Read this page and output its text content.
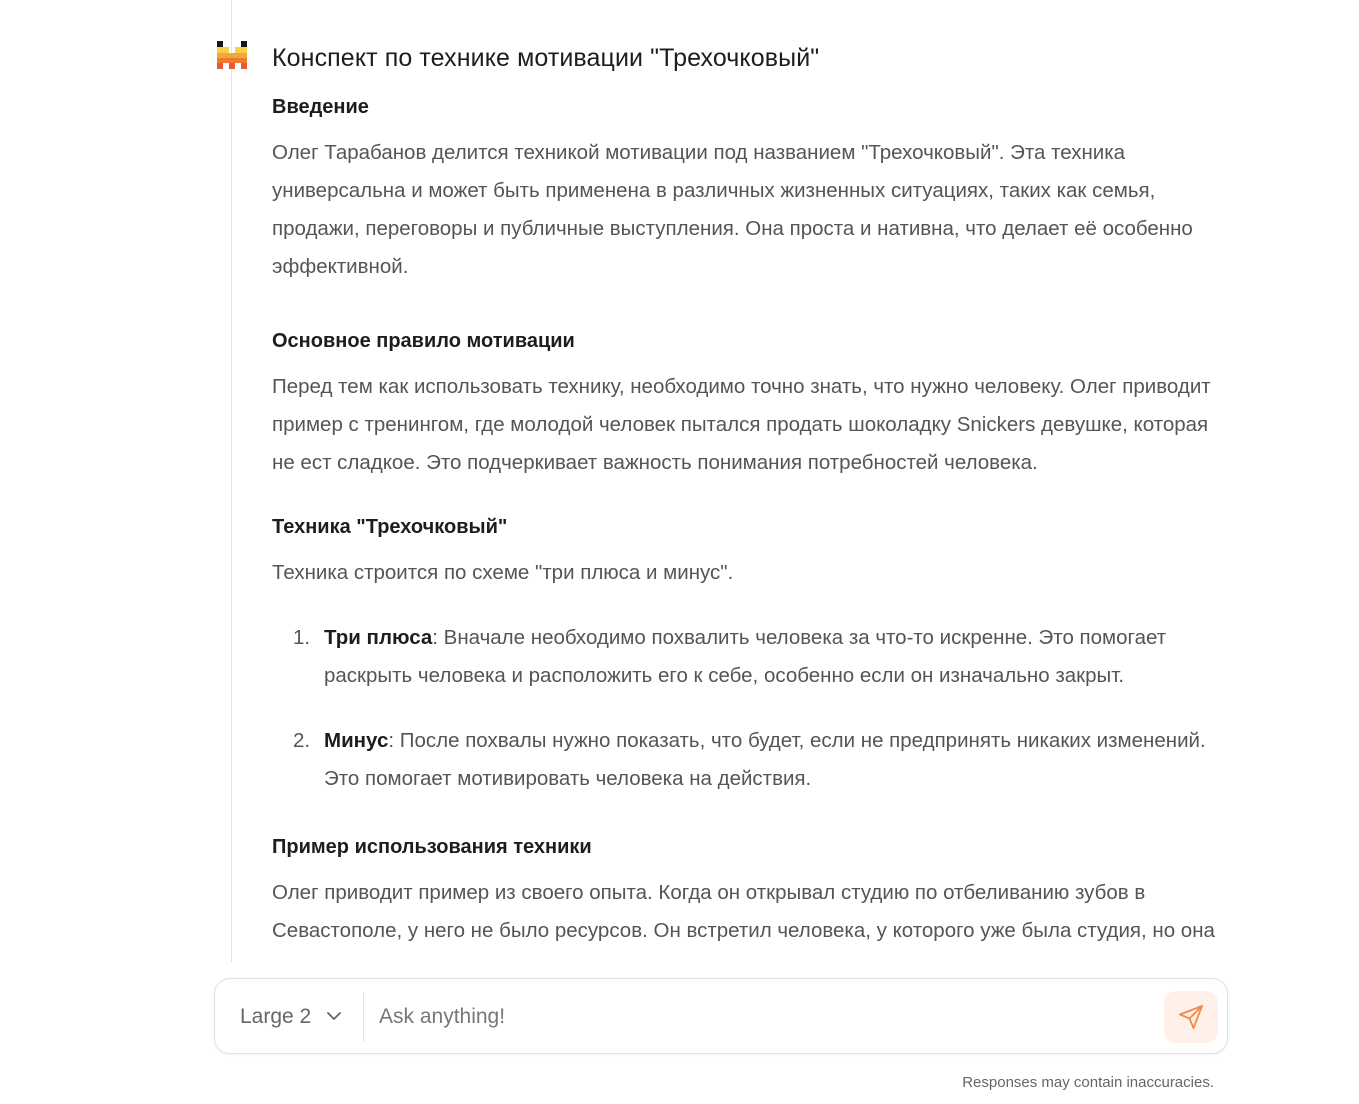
Конспект по технике мотивации "Трехочковый"
Введение

Олег Тарабанов делится техникой мотивации под названием "Трехочковый". Эта техника универсальна и может быть применена в различных жизненных ситуациях, таких как семья, продажи, переговоры и публичные выступления. Она проста и нативна, что делает её особенно эффективной.

Основное правило мотивации

Перед тем как использовать технику, необходимо точно знать, что нужно человеку. Олег приводит пример с тренингом, где молодой человек пытался продать шоколадку Snickers девушке, которая не ест сладкое. Это подчеркивает важность понимания потребностей человека.

Техника "Трехочковый"

Техника строится по схеме "три плюса и минус".

1. Три плюса: Вначале необходимо похвалить человека за что-то искренне. Это помогает раскрыть человека и расположить его к себе, особенно если он изначально закрыт.
2. Минус: После похвалы нужно показать, что будет, если не предпринять никаких изменений. Это помогает мотивировать человека на действия.
Пример использования техники

Олег приводит пример из своего опыта. Когда он открывал студию по отбеливанию зубов в Севастополе, у него не было ресурсов. Он встретил человека, у которого уже была студия, но она

Large 2
Ask anything!
Responses may contain inaccuracies.
